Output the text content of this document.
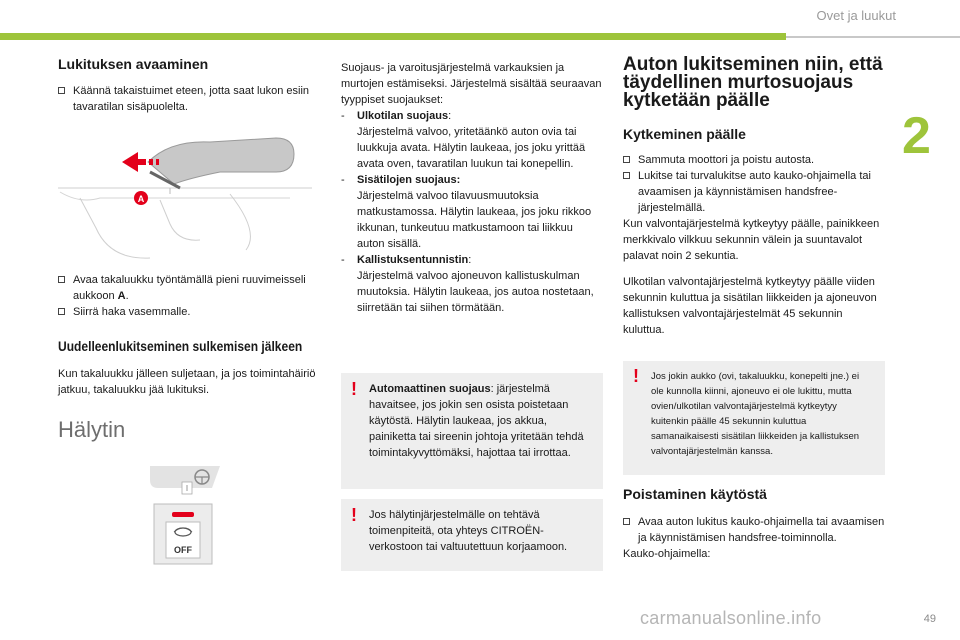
Ovet ja luukut
2
Lukituksen avaaminen
Käännä takaistuimet eteen, jotta saat lukon esiin tavaratilan sisäpuolelta.
A
Avaa takaluukku työntämällä pieni ruuvimeisseli aukkoon A.
Siirrä haka vasemmalle.
Uudelleenlukitseminen sulkemisen jälkeen
Kun takaluukku jälleen suljetaan, ja jos toimintahäiriö jatkuu, takaluukku jää lukituksi.
Hälytin
OFF
Suojaus- ja varoitusjärjestelmä varkauksien ja murtojen estämiseksi. Järjestelmä sisältää seuraavan tyyppiset suojaukset:
- Ulkotilan suojaus:
Järjestelmä valvoo, yritetäänkö auton ovia tai luukkuja avata. Hälytin laukeaa, jos joku yrittää avata oven, tavaratilan luukun tai konepellin.
- Sisätilojen suojaus:
Järjestelmä valvoo tilavuusmuutoksia matkustamossa. Hälytin laukeaa, jos joku rikkoo ikkunan, tunkeutuu matkustamoon tai liikkuu auton sisällä.
- Kallistuksentunnistin:
Järjestelmä valvoo ajoneuvon kallistuskulman muutoksia. Hälytin laukeaa, jos autoa nostetaan, siirretään tai siihen törmätään.
! Automaattinen suojaus: järjestelmä havaitsee, jos jokin sen osista poistetaan käytöstä. Hälytin laukeaa, jos akkua, painiketta tai sireenin johtoja yritetään tehdä toimintakyvyttömäksi, hajottaa tai irrottaa.
! Jos hälytinjärjestelmälle on tehtävä toimenpiteitä, ota yhteys CITROËN-verkostoon tai valtuutettuun korjaamoon.
Auton lukitseminen niin, että täydellinen murtosuojaus kytketään päälle
Kytkeminen päälle
Sammuta moottori ja poistu autosta.
Lukitse tai turvalukitse auto kauko-ohjaimella tai avaamisen ja käynnistämisen handsfree-järjestelmällä.
Kun valvontajärjestelmä kytkeytyy päälle, painikkeen merkkivalo vilkkuu sekunnin välein ja suuntavalot palavat noin 2 sekuntia.
Ulkotilan valvontajärjestelmä kytkeytyy päälle viiden sekunnin kuluttua ja sisätilan liikkeiden ja ajoneuvon kallistuksen valvontajärjestelmät 45 sekunnin kuluttua.
! Jos jokin aukko (ovi, takaluukku, konepelti jne.) ei ole kunnolla kiinni, ajoneuvo ei ole lukittu, mutta ovien/ulkotilan valvontajärjestelmä kytkeytyy kuitenkin päälle 45 sekunnin kuluttua samanaikaisesti sisätilan liikkeiden ja kallistuksen valvontajärjestelmän kanssa.
Poistaminen käytöstä
Avaa auton lukitus kauko-ohjaimella tai avaamisen ja käynnistämisen handsfree-toiminnolla.
Kauko-ohjaimella:
carmanualsonline.info	49
